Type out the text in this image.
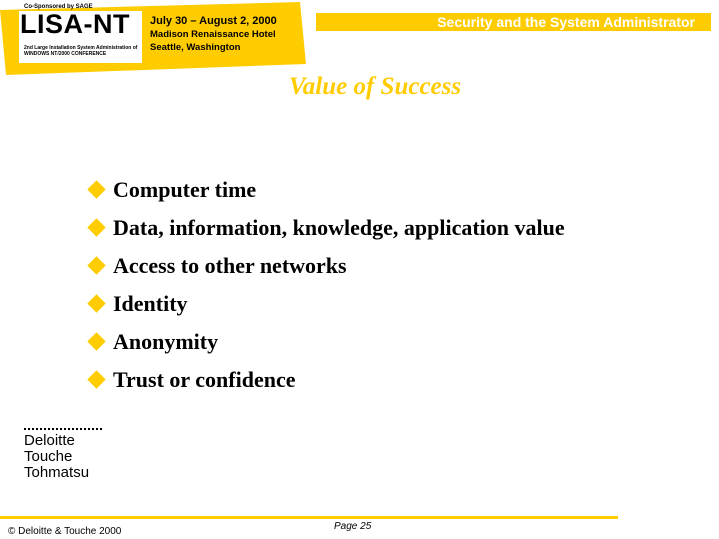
Co-Sponsored by SAGE
LISA-NT
2nd Large Installation System Administration of WINDOWS NT/2000 CONFERENCE
July 30 – August 2, 2000
Madison Renaissance Hotel
Seattle, Washington
Security and the System Administrator
Value of Success
Computer time
Data, information, knowledge, application value
Access to other networks
Identity
Anonymity
Trust or confidence
Deloitte
Touche
Tohmatsu
© Deloitte & Touche 2000	Page 25
